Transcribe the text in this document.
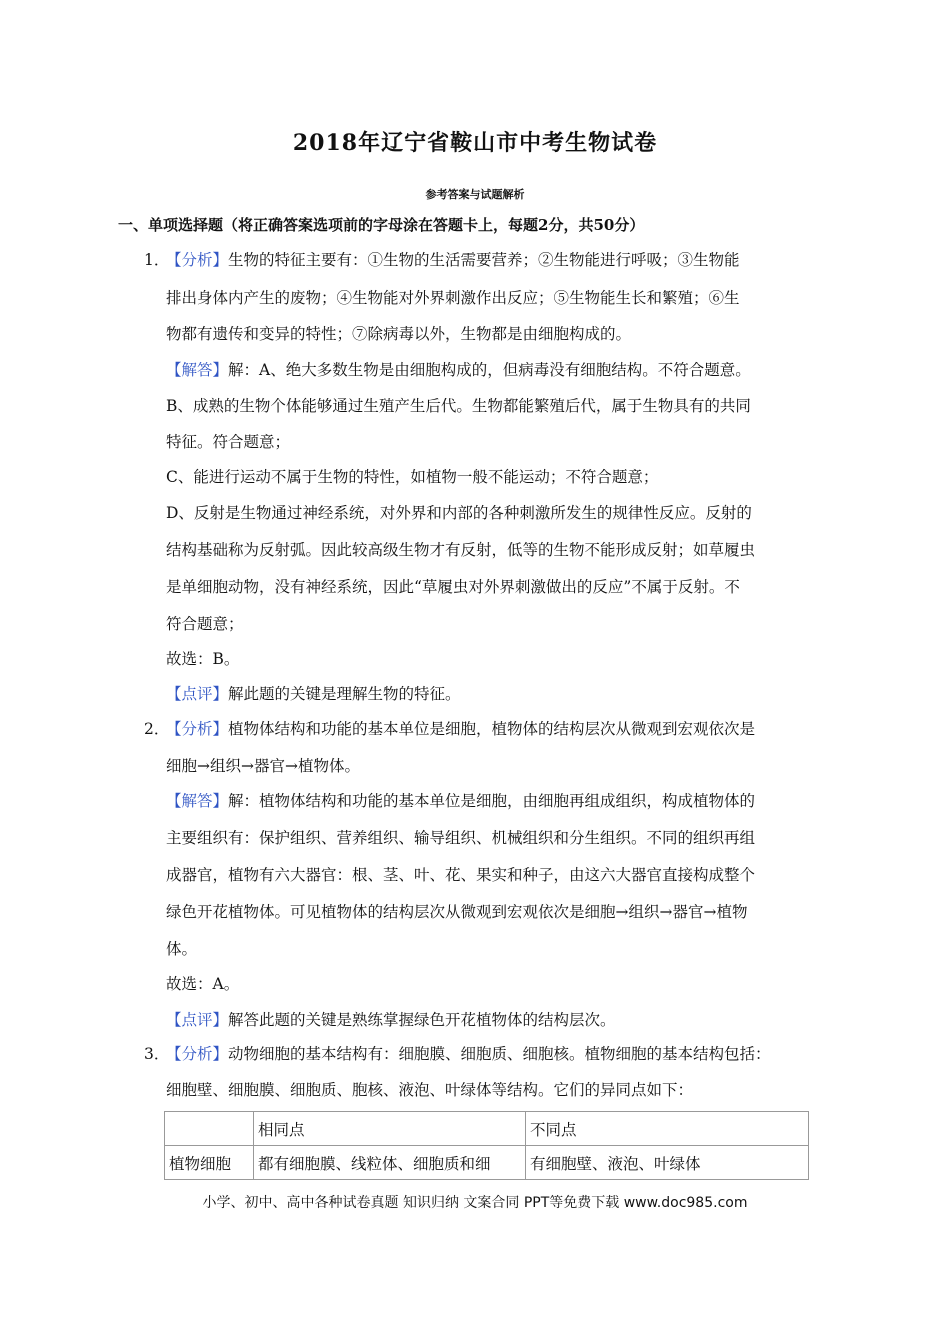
2018年辽宁省鞍山市中考生物试卷
参考答案与试题解析
一、单项选择题（将正确答案选项前的字母涂在答题卡上，每题2分，共50分）
1．
【分析】生物的特征主要有：①生物的生活需要营养；②生物能进行呼吸；③生物能
排出身体内产生的废物；④生物能对外界刺激作出反应；⑤生物能生长和繁殖；⑥生
物都有遗传和变异的特性；⑦除病毒以外，生物都是由细胞构成的。
【解答】解：A、绝大多数生物是由细胞构成的，但病毒没有细胞结构。不符合题意。
B、成熟的生物个体能够通过生殖产生后代。生物都能繁殖后代，属于生物具有的共同
特征。符合题意；
C、能进行运动不属于生物的特性，如植物一般不能运动；不符合题意；
D、反射是生物通过神经系统，对外界和内部的各种刺激所发生的规律性反应。反射的
结构基础称为反射弧。因此较高级生物才有反射，低等的生物不能形成反射；如草履虫
是单细胞动物，没有神经系统，因此“草履虫对外界刺激做出的反应”不属于反射。不
符合题意；
故选：B。
【点评】解此题的关键是理解生物的特征。
2．
【分析】植物体结构和功能的基本单位是细胞，植物体的结构层次从微观到宏观依次是
细胞→组织→器官→植物体。
【解答】解：植物体结构和功能的基本单位是细胞，由细胞再组成组织，构成植物体的
主要组织有：保护组织、营养组织、输导组织、机械组织和分生组织。不同的组织再组
成器官，植物有六大器官：根、茎、叶、花、果实和种子，由这六大器官直接构成整个
绿色开花植物体。可见植物体的结构层次从微观到宏观依次是细胞→组织→器官→植物
体。
故选：A。
【点评】解答此题的关键是熟练掌握绿色开花植物体的结构层次。
3．
【分析】动物细胞的基本结构有：细胞膜、细胞质、细胞核。植物细胞的基本结构包括：
细胞壁、细胞膜、细胞质、胞核、液泡、叶绿体等结构。它们的异同点如下：
	相同点	不同点
植物细胞	都有细胞膜、线粒体、细胞质和细	有细胞壁、液泡、叶绿体
小学、初中、高中各种试卷真题 知识归纳 文案合同 PPT等免费下载 www.doc985.com
